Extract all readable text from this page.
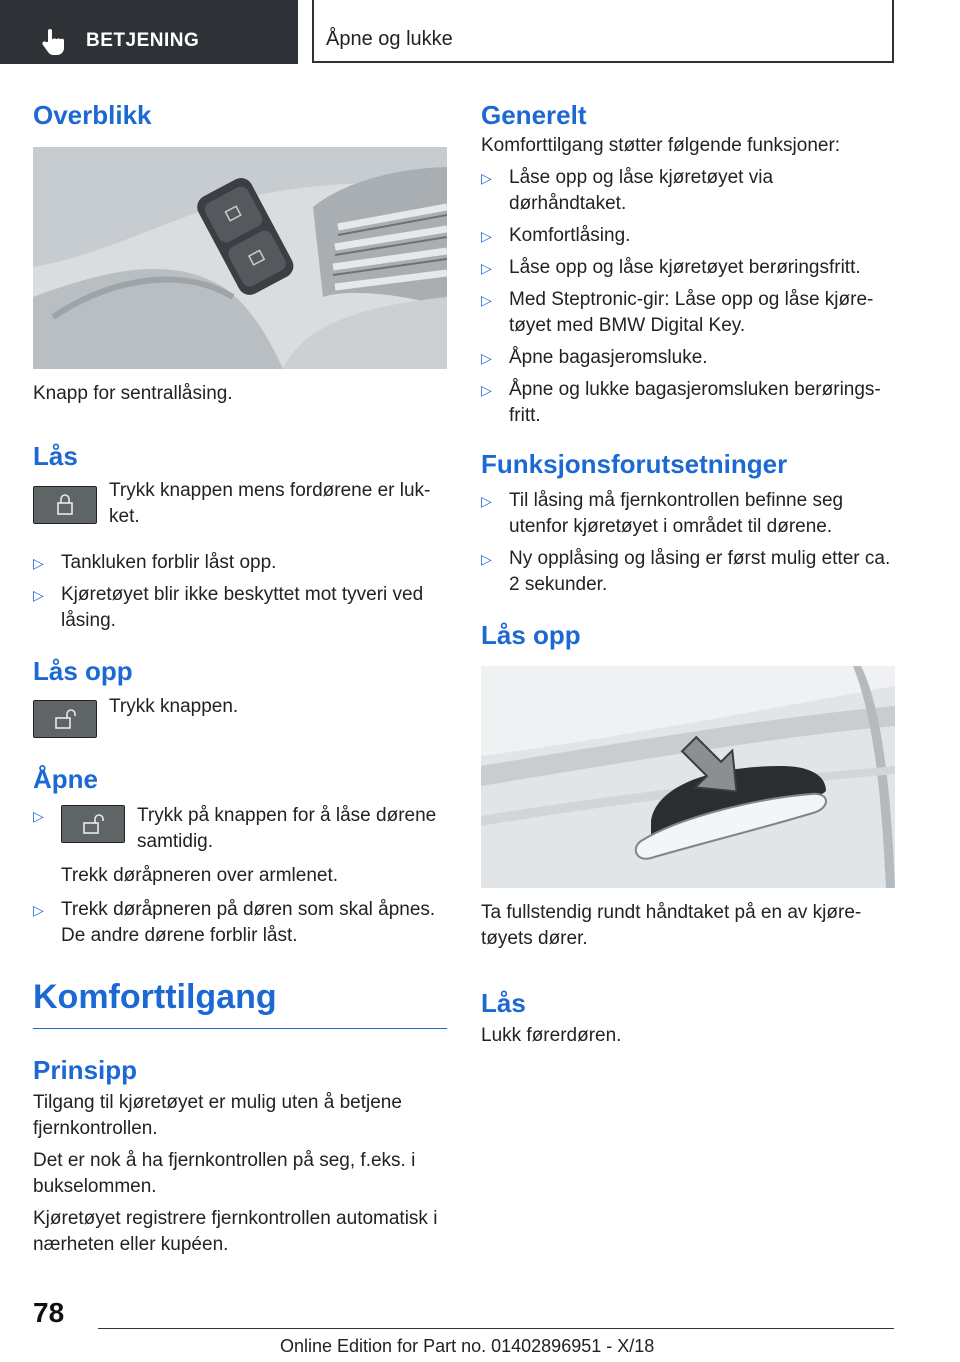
BETJENING	Åpne og lukke
Overblikk

Knapp for sentrallåsing.

Lås

Trykk knappen mens fordørene er luk-ket.

▷ Tankluken forblir låst opp.
▷ Kjøretøyet blir ikke beskyttet mot tyveri ved låsing.
Lås opp

Trykk knappen.

Åpne
▷	Trykk på knappen for å låse dørene samtidig.
Trekk døråpneren over armlenet.
▷ Trekk døråpneren på døren som skal åpnes. De andre dørene forblir låst.
Komforttilgang
Prinsipp

Tilgang til kjøretøyet er mulig uten å betjene fjernkontrollen.

Det er nok å ha fjernkontrollen på seg, f.eks. i bukselommen.

Kjøretøyet registrere fjernkontrollen automatisk i nærheten eller kupéen.

Generelt

Komforttilgang støtter følgende funksjoner:

▷ Låse opp og låse kjøretøyet via dørhåndtaket.
▷ Komfortlåsing.
▷ Låse opp og låse kjøretøyet berøringsfritt.
▷ Med Steptronic-gir: Låse opp og låse kjøre-tøyet med BMW Digital Key.
▷ Åpne bagasjeromsluke.
▷ Åpne og lukke bagasjeromsluken berørings-fritt.
Funksjonsforutsetninger
▷ Til låsing må fjernkontrollen befinne seg utenfor kjøretøyet i området til dørene.
▷ Ny opplåsing og låsing er først mulig etter ca. 2 sekunder.
Lås opp

Ta fullstendig rundt håndtaket på en av kjøre-tøyets dører.

Lås

Lukk førerdøren.

78
Online Edition for Part no. 01402896951 - X/18
